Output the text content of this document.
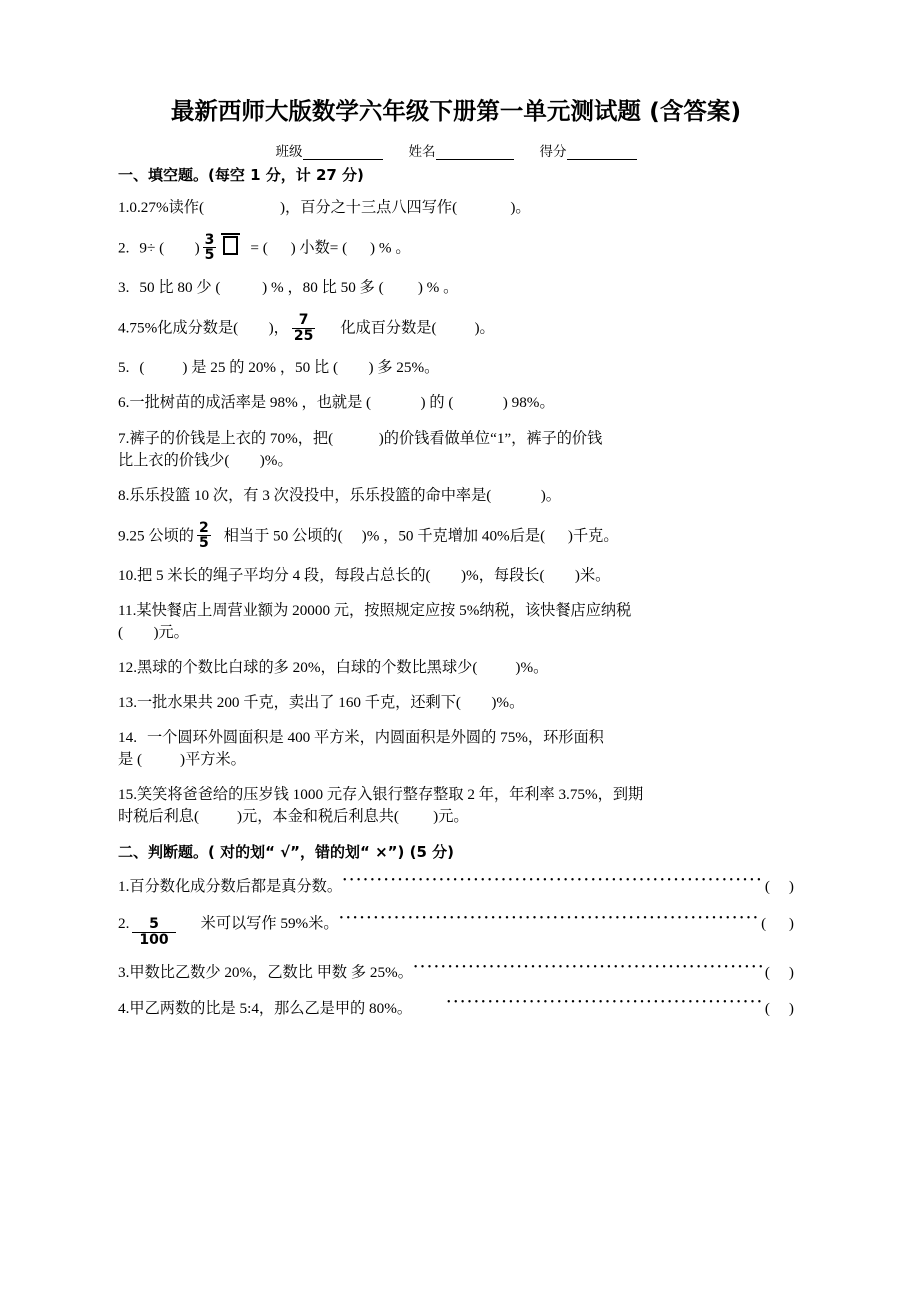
最新西师大版数学六年级下册第一单元测试题 (含答案)
班级	姓名	得分
一、填空题。(每空 1 分，计 27 分)
1.0.27%读作(	)，百分之十三点八四写作(	)。
2. 9÷ ( ) $\frac{3}{5}$ = ( ) 小数= ( ) % 。
3. 50 比 80 少 (	) % ，80 比 50 多 ( ) % 。
4.75%化成分数是( )， $\frac{7}{25}$ 化成百分数是( )。
5. ( ) 是 25 的 20% ，50 比 ( ) 多 25%。
6.一批树苗的成活率是 98% ，也就是 (	) 的 (	) 98%。
7.裤子的价钱是上衣的 70%，把(	)的价钱看做单位“1”，裤子的价钱
比上衣的价钱少( )%。
8.乐乐投篮 10 次，有 3 次没投中，乐乐投篮的命中率是(	)。
9.25 公顷的 $\frac{2}{5}$ 相当于 50 公顷的( )% ，50 千克增加 40%后是( )千克。
10.把 5 米长的绳子平均分 4 段，每段占总长的( )%，每段长( )米。
11.某快餐店上周营业额为 20000 元，按照规定应按 5%纳税，该快餐店应纳税
( )元。
12.黑球的个数比白球的多 20%，白球的个数比黑球少( )%。
13.一批水果共 200 千克，卖出了 160 千克，还剩下( )%。
14. 一个圆环外圆面积是 400 平方米，内圆面积是外圆的 75%，环形面积
是 ( )平方米。
15.笑笑将爸爸给的压岁钱 1000 元存入银行整存整取 2 年，年利率 3.75%，到期
时税后利息( )元，本金和税后利息共( )元。
二、判断题。( 对的划“ √”，错的划“ ×”) (5 分)
1. 百分数化成分数后都是真分数。 •••••	(     )
2. $\frac{5}{100}$ 米可以写作 59%米。 •••••	(      )
3. 甲数比乙数少 20%，乙数比 甲数 多 25%。 •••••	(     )
4. 甲乙两数的比是 5:4，那么乙是甲的 80%。 •••••	(     )
